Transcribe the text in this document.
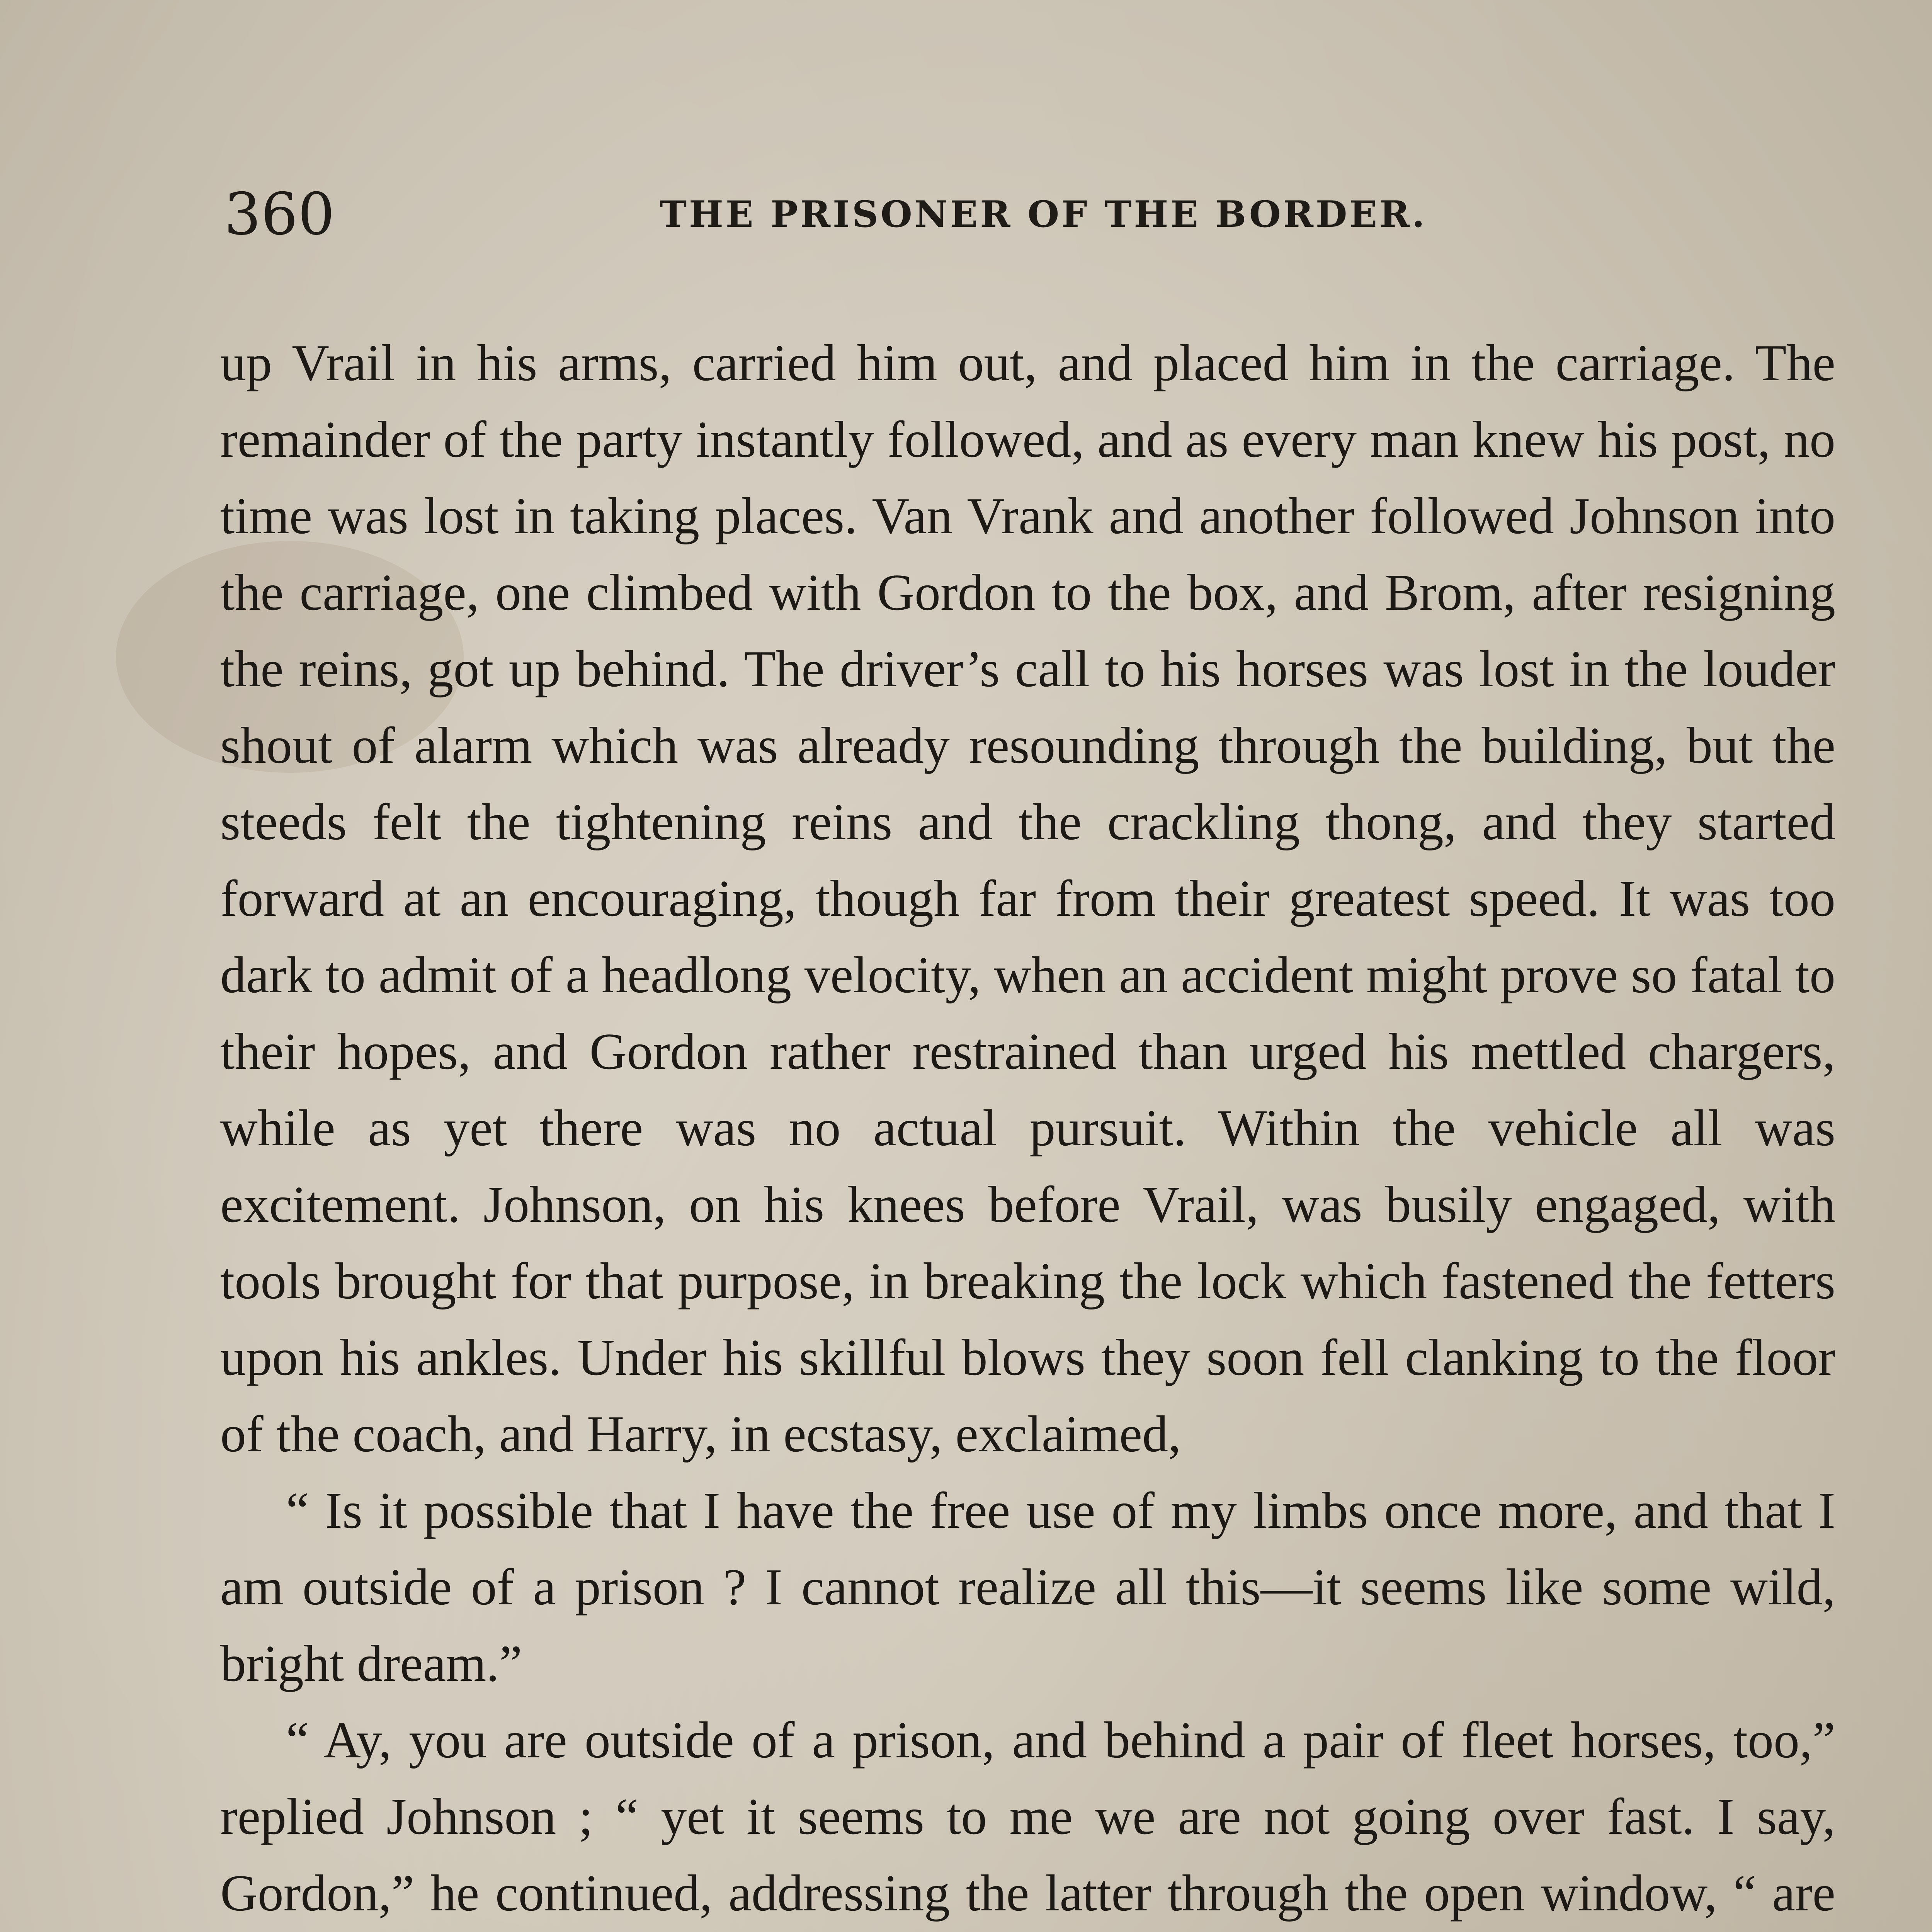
360	THE PRISONER OF THE BORDER.

up Vrail in his arms, carried him out, and placed him in the carriage. The remainder of the party instantly followed, and as every man knew his post, no time was lost in taking places. Van Vrank and another followed Johnson into the carriage, one climbed with Gordon to the box, and Brom, after resigning the reins, got up behind. The driver’s call to his horses was lost in the louder shout of alarm which was already resounding through the building, but the steeds felt the tightening reins and the crackling thong, and they started forward at an encouraging, though far from their greatest speed. It was too dark to admit of a headlong velocity, when an accident might prove so fatal to their hopes, and Gordon rather restrained than urged his mettled chargers, while as yet there was no actual pursuit. Within the vehicle all was excitement. Johnson, on his knees before Vrail, was busily engaged, with tools brought for that purpose, in breaking the lock which fastened the fetters upon his ankles. Under his skillful blows they soon fell clanking to the floor of the coach, and Harry, in ecstasy, exclaimed,

“ Is it possible that I have the free use of my limbs once more, and that I am outside of a prison ? I cannot realize all this—it seems like some wild, bright dream.”

“ Ay, you are outside of a prison, and behind a pair of fleet horses, too,” replied Johnson ; “ yet it seems to me we are not going over fast. I say, Gordon,” he continued, addressing the latter through the open window, “ are
